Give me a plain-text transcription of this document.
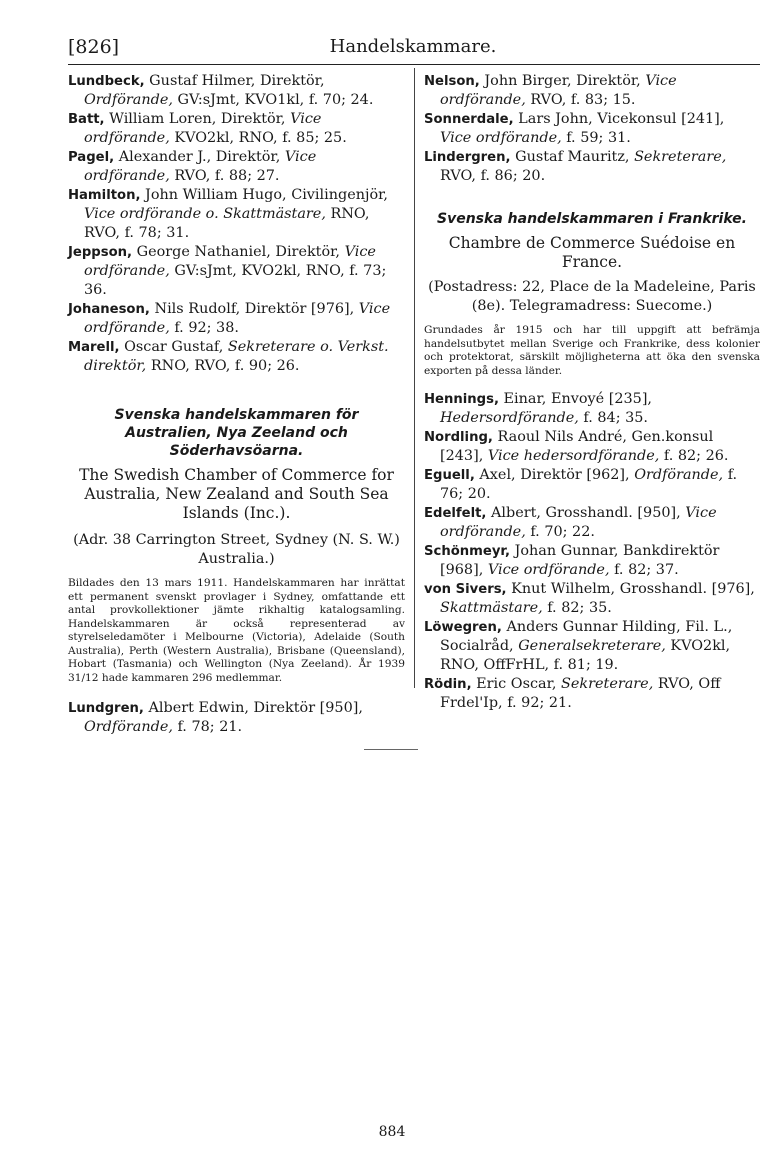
[826]	Handelskammare.
Lundbeck, Gustaf Hilmer, Direktör, Ordförande, GV:sJmt, KVO1kl, f. 70; 24.
Batt, William Loren, Direktör, Vice ordförande, KVO2kl, RNO, f. 85; 25.
Pagel, Alexander J., Direktör, Vice ordförande, RVO, f. 88; 27.
Hamilton, John William Hugo, Civilingenjör, Vice ordförande o. Skattmästare, RNO, RVO, f. 78; 31.
Jeppson, George Nathaniel, Direktör, Vice ordförande, GV:sJmt, KVO2kl, RNO, f. 73; 36.
Johaneson, Nils Rudolf, Direktör [976], Vice ordförande, f. 92; 38.
Marell, Oscar Gustaf, Sekreterare o. Verkst. direktör, RNO, RVO, f. 90; 26.
Svenska handelskammaren för Australien, Nya Zeeland och Söderhavsöarna.
The Swedish Chamber of Commerce for Australia, New Zealand and South Sea Islands (Inc.).
(Adr. 38 Carrington Street, Sydney (N. S. W.) Australia.)
Bildades den 13 mars 1911. Handelskammaren har inrättat ett permanent svenskt provlager i Sydney, omfattande ett antal provkollektioner jämte rikhaltig katalogsamling. Handelskammaren är också representerad av styrelseledamöter i Melbourne (Victoria), Adelaide (South Australia), Perth (Western Australia), Brisbane (Queensland), Hobart (Tasmania) och Wellington (Nya Zeeland). År 1939 31/12 hade kammaren 296 medlemmar.
Lundgren, Albert Edwin, Direktör [950], Ordförande, f. 78; 21.
Nelson, John Birger, Direktör, Vice ordförande, RVO, f. 83; 15.
Sonnerdale, Lars John, Vicekonsul [241], Vice ordförande, f. 59; 31.
Lindergren, Gustaf Mauritz, Sekreterare, RVO, f. 86; 20.
Svenska handelskammaren i Frankrike.
Chambre de Commerce Suédoise en France.
(Postadress: 22, Place de la Madeleine, Paris (8e). Telegramadress: Suecome.)
Grundades år 1915 och har till uppgift att befrämja handelsutbytet mellan Sverige och Frankrike, dess kolonier och protektorat, särskilt möjligheterna att öka den svenska exporten på dessa länder.
Hennings, Einar, Envoyé [235], Hedersordförande, f. 84; 35.
Nordling, Raoul Nils André, Gen.konsul [243], Vice hedersordförande, f. 82; 26.
Eguell, Axel, Direktör [962], Ordförande, f. 76; 20.
Edelfelt, Albert, Grosshandl. [950], Vice ordförande, f. 70; 22.
Schönmeyr, Johan Gunnar, Bankdirektör [968], Vice ordförande, f. 82; 37.
von Sivers, Knut Wilhelm, Grosshandl. [976], Skattmästare, f. 82; 35.
Löwegren, Anders Gunnar Hilding, Fil. L., Socialråd, Generalsekreterare, KVO2kl, RNO, OffFrHL, f. 81; 19.
Rödin, Eric Oscar, Sekreterare, RVO, Off Frdel'Ip, f. 92; 21.
884
